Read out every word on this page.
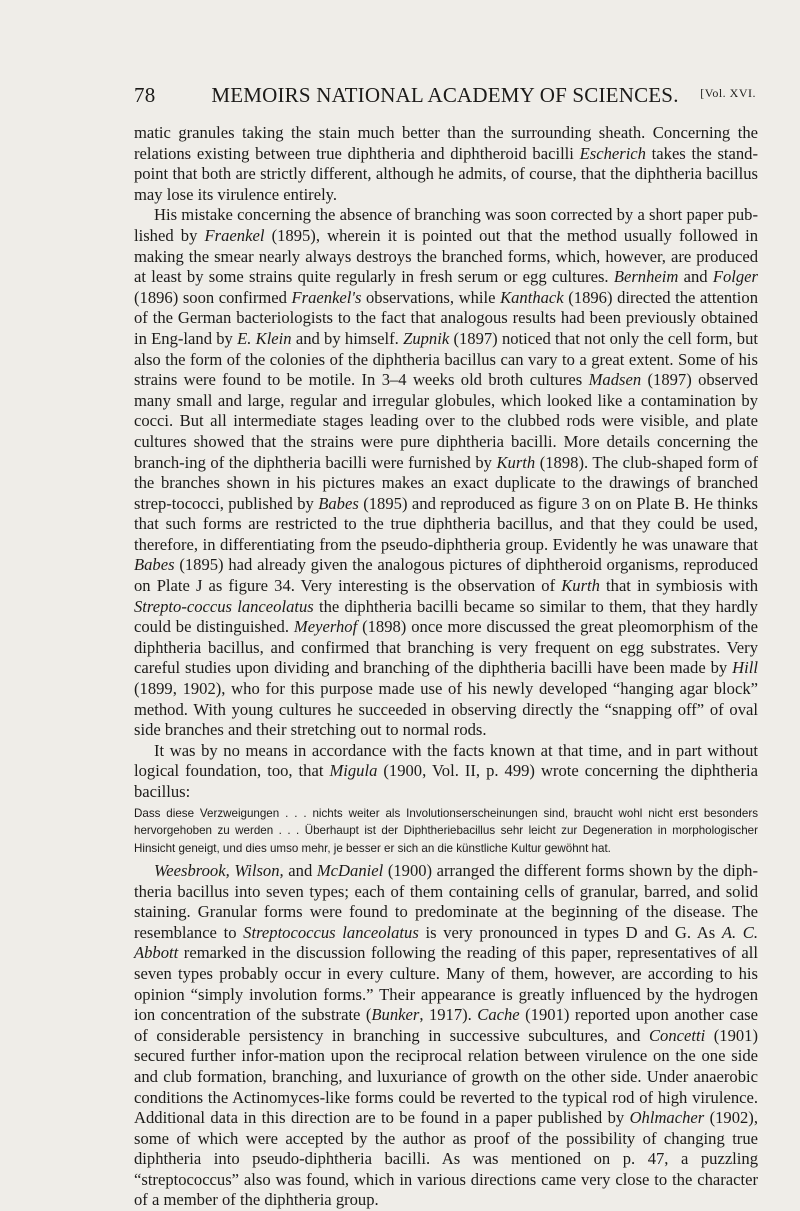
78	MEMOIRS NATIONAL ACADEMY OF SCIENCES.	[Vol. XVI.

matic granules taking the stain much better than the surrounding sheath. Concerning the relations existing between true diphtheria and diphtheroid bacilli Escherich takes the stand-point that both are strictly different, although he admits, of course, that the diphtheria bacillus may lose its virulence entirely.

His mistake concerning the absence of branching was soon corrected by a short paper pub-lished by Fraenkel (1895), wherein it is pointed out that the method usually followed in making the smear nearly always destroys the branched forms, which, however, are produced at least by some strains quite regularly in fresh serum or egg cultures. Bernheim and Folger (1896) soon confirmed Fraenkel's observations, while Kanthack (1896) directed the attention of the German bacteriologists to the fact that analogous results had been previously obtained in Eng-land by E. Klein and by himself. Zupnik (1897) noticed that not only the cell form, but also the form of the colonies of the diphtheria bacillus can vary to a great extent. Some of his strains were found to be motile. In 3–4 weeks old broth cultures Madsen (1897) observed many small and large, regular and irregular globules, which looked like a contamination by cocci. But all intermediate stages leading over to the clubbed rods were visible, and plate cultures showed that the strains were pure diphtheria bacilli. More details concerning the branch-ing of the diphtheria bacilli were furnished by Kurth (1898). The club-shaped form of the branches shown in his pictures makes an exact duplicate to the drawings of branched strep-tococci, published by Babes (1895) and reproduced as figure 3 on on Plate B. He thinks that such forms are restricted to the true diphtheria bacillus, and that they could be used, therefore, in differentiating from the pseudo-diphtheria group. Evidently he was unaware that Babes (1895) had already given the analogous pictures of diphtheroid organisms, reproduced on Plate J as figure 34. Very interesting is the observation of Kurth that in symbiosis with Strepto-coccus lanceolatus the diphtheria bacilli became so similar to them, that they hardly could be distinguished. Meyerhof (1898) once more discussed the great pleomorphism of the diphtheria bacillus, and confirmed that branching is very frequent on egg substrates. Very careful studies upon dividing and branching of the diphtheria bacilli have been made by Hill (1899, 1902), who for this purpose made use of his newly developed “hanging agar block” method. With young cultures he succeeded in observing directly the “snapping off” of oval side branches and their stretching out to normal rods.

It was by no means in accordance with the facts known at that time, and in part without logical foundation, too, that Migula (1900, Vol. II, p. 499) wrote concerning the diphtheria bacillus:

Dass diese Verzweigungen . . . nichts weiter als Involutionserscheinungen sind, braucht wohl nicht erst besonders hervorgehoben zu werden . . . Überhaupt ist der Diphtheriebacillus sehr leicht zur Degeneration in morphologischer Hinsicht geneigt, und dies umso mehr, je besser er sich an die künstliche Kultur gewöhnt hat.

Weesbrook, Wilson, and McDaniel (1900) arranged the different forms shown by the diph-theria bacillus into seven types; each of them containing cells of granular, barred, and solid staining. Granular forms were found to predominate at the beginning of the disease. The resemblance to Streptococcus lanceolatus is very pronounced in types D and G. As A. C. Abbott remarked in the discussion following the reading of this paper, representatives of all seven types probably occur in every culture. Many of them, however, are according to his opinion “simply involution forms.” Their appearance is greatly influenced by the hydrogen ion concentration of the substrate (Bunker, 1917). Cache (1901) reported upon another case of considerable persistency in branching in successive subcultures, and Concetti (1901) secured further infor-mation upon the reciprocal relation between virulence on the one side and club formation, branching, and luxuriance of growth on the other side. Under anaerobic conditions the Actinomyces-like forms could be reverted to the typical rod of high virulence. Additional data in this direction are to be found in a paper published by Ohlmacher (1902), some of which were accepted by the author as proof of the possibility of changing true diphtheria into pseudo-diphtheria bacilli. As was mentioned on p. 47, a puzzling “streptococcus” also was found, which in various directions came very close to the character of a member of the diphtheria group.
